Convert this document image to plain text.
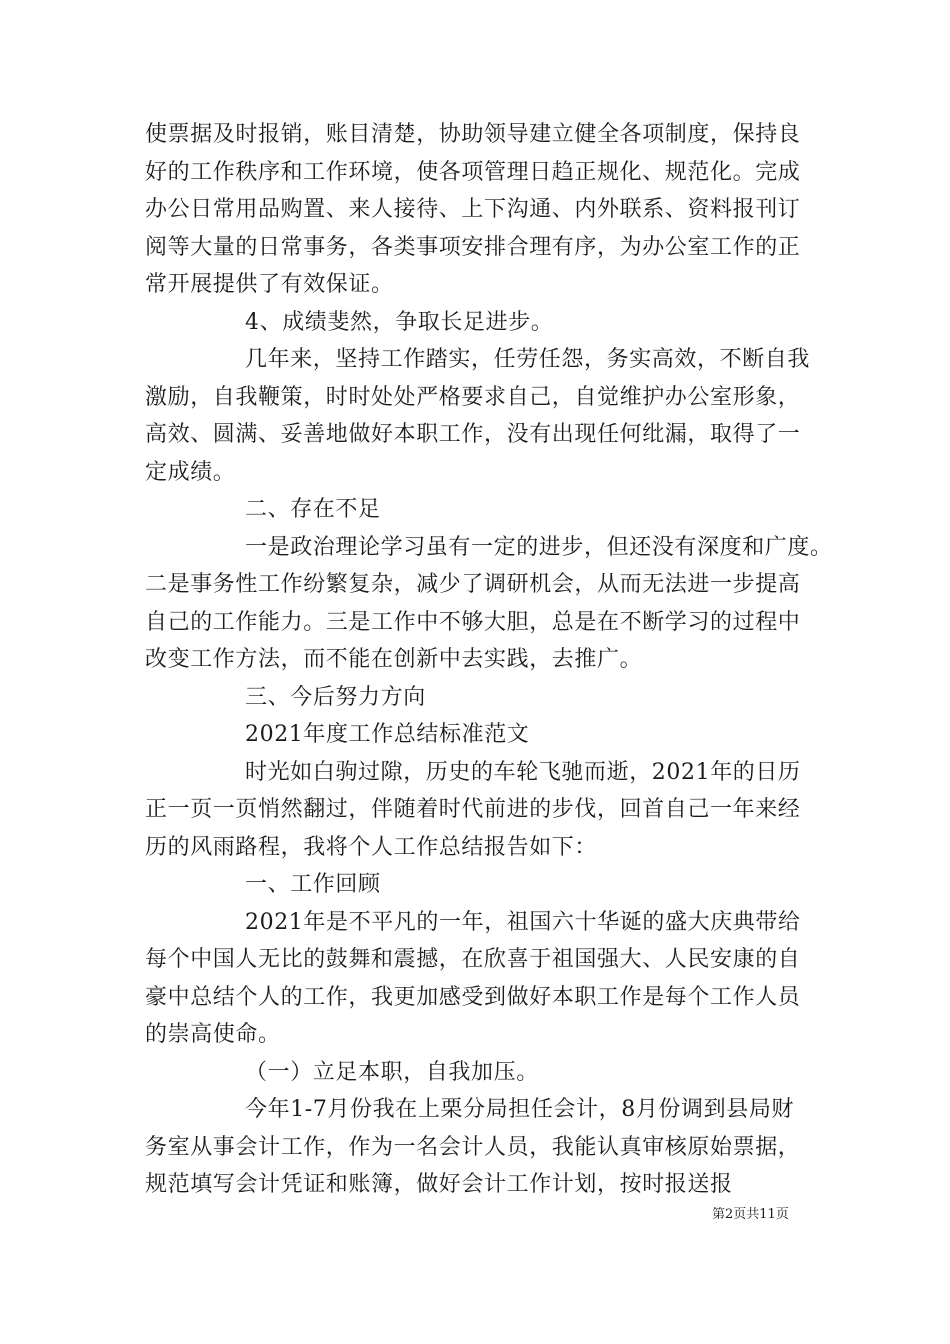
使票据及时报销，账目清楚，协助领导建立健全各项制度，保持良
好的工作秩序和工作环境，使各项管理日趋正规化、规范化。完成
办公日常用品购置、来人接待、上下沟通、内外联系、资料报刊订
阅等大量的日常事务，各类事项安排合理有序，为办公室工作的正
常开展提供了有效保证。
4、成绩斐然，争取长足进步。
几年来，坚持工作踏实，任劳任怨，务实高效，不断自我
激励，自我鞭策，时时处处严格要求自己，自觉维护办公室形象，
高效、圆满、妥善地做好本职工作，没有出现任何纰漏，取得了一
定成绩。
二、存在不足
一是政治理论学习虽有一定的进步，但还没有深度和广度。
二是事务性工作纷繁复杂，减少了调研机会，从而无法进一步提高
自己的工作能力。三是工作中不够大胆，总是在不断学习的过程中
改变工作方法，而不能在创新中去实践，去推广。
三、今后努力方向
2021年度工作总结标准范文
时光如白驹过隙，历史的车轮飞驰而逝，2021年的日历
正一页一页悄然翻过，伴随着时代前进的步伐，回首自己一年来经
历的风雨路程，我将个人工作总结报告如下：
一、工作回顾
2021年是不平凡的一年，祖国六十华诞的盛大庆典带给
每个中国人无比的鼓舞和震撼，在欣喜于祖国强大、人民安康的自
豪中总结个人的工作，我更加感受到做好本职工作是每个工作人员
的崇高使命。
（一）立足本职，自我加压。
今年1-7月份我在上栗分局担任会计，8月份调到县局财
务室从事会计工作，作为一名会计人员，我能认真审核原始票据，
规范填写会计凭证和账簿，做好会计工作计划，按时报送报
第2页共11页
